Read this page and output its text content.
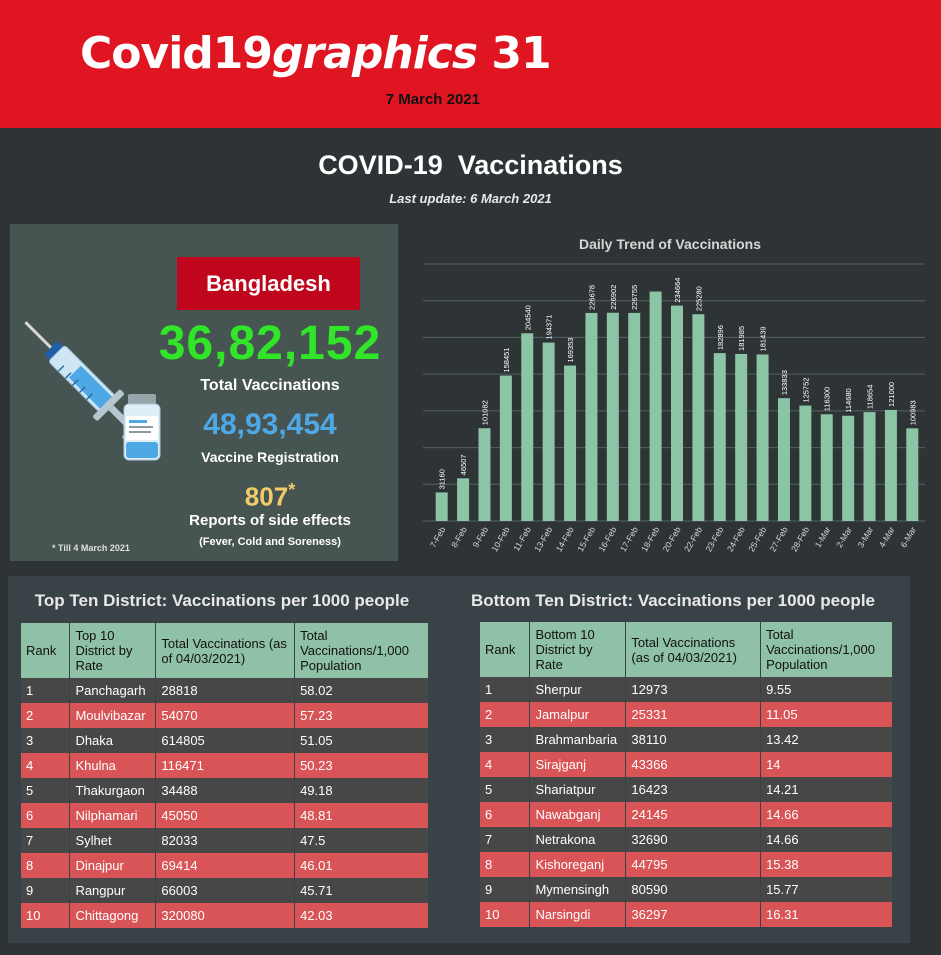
Covid19graphics 31
7 March 2021
COVID-19  Vaccinations
Last update: 6 March 2021
Bangladesh
36,82,152
Total Vaccinations
48,93,454
Vaccine Registration
807*
Reports of side effects
(Fever, Cold and Soreness)
* Till 4 March 2021
Daily Trend of Vaccinations
31160
7-Feb
46507
8-Feb
101082
9-Feb
158451
10-Feb
204540
11-Feb
194371
13-Feb
169353
14-Feb
226678
15-Feb
226902
16-Feb
226755
17-Feb 18-Feb
234664
20-Feb
225280
22-Feb
182896
23-Feb
181985
24-Feb
181439
25-Feb
133833
27-Feb
125752
28-Feb
116300
1-Mar
114680
2-Mar
118654
3-Mar
121000
4-Mar
100983
6-Mar
Top Ten District: Vaccinations per 1000 people
Rank	Top 10 District by Rate	Total Vaccinations (as of 04/03/2021)	Total Vaccinations/1,000 Population
1	Panchagarh	28818	58.02
2	Moulvibazar	54070	57.23
3	Dhaka	614805	51.05
4	Khulna	116471	50.23
5	Thakurgaon	34488	49.18
6	Nilphamari	45050	48.81
7	Sylhet	82033	47.5
8	Dinajpur	69414	46.01
9	Rangpur	66003	45.71
10	Chittagong	320080	42.03
Bottom Ten District: Vaccinations per 1000 people
Rank	Bottom 10 District by Rate	Total Vaccinations (as of 04/03/2021)	Total Vaccinations/1,000 Population
1	Sherpur	12973	9.55
2	Jamalpur	25331	11.05
3	Brahmanbaria	38110	13.42
4	Sirajganj	43366	14
5	Shariatpur	16423	14.21
6	Nawabganj	24145	14.66
7	Netrakona	32690	14.66
8	Kishoreganj	44795	15.38
9	Mymensingh	80590	15.77
10	Narsingdi	36297	16.31
